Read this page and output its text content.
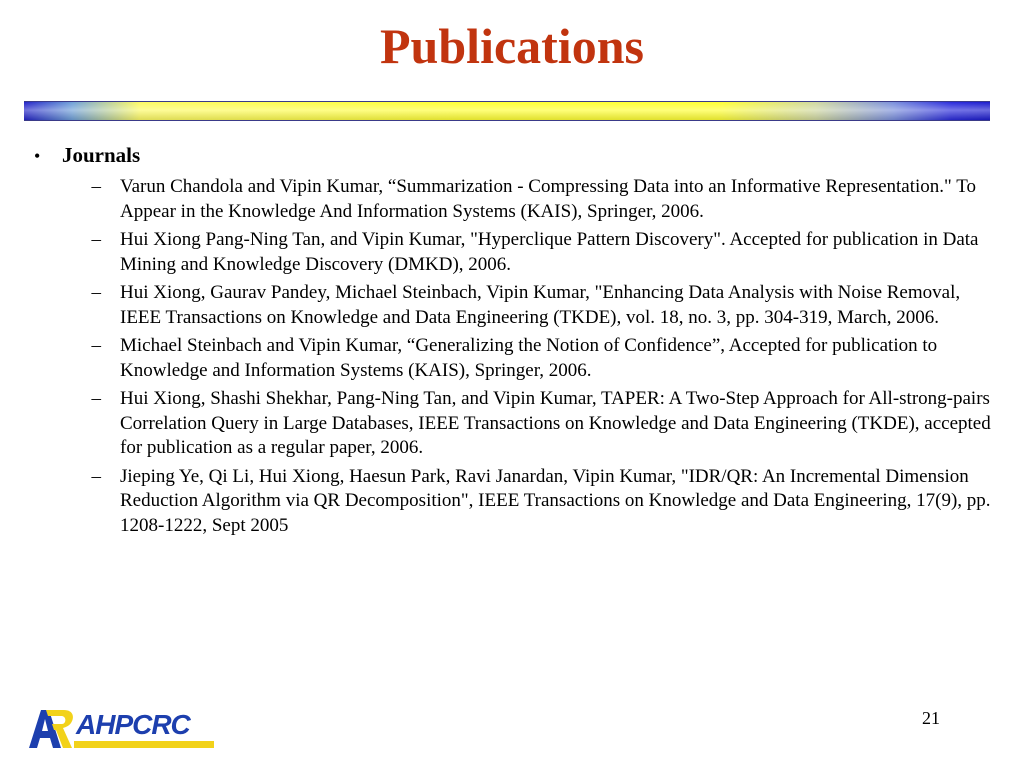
Publications
•	Journals
– Varun Chandola and Vipin Kumar, “Summarization - Compressing Data into an Informative Representation." To Appear in the Knowledge And Information Systems (KAIS), Springer, 2006.
– Hui Xiong Pang-Ning Tan, and Vipin Kumar, "Hyperclique Pattern Discovery". Accepted for publication in Data Mining and Knowledge Discovery (DMKD), 2006.
– Hui Xiong, Gaurav Pandey, Michael Steinbach, Vipin Kumar, "Enhancing Data Analysis with Noise Removal, IEEE Transactions on Knowledge and Data Engineering (TKDE), vol. 18, no. 3, pp. 304-319, March, 2006.
– Michael Steinbach and Vipin Kumar, “Generalizing the Notion of Confidence”, Accepted for publication to Knowledge and Information Systems (KAIS), Springer, 2006.
– Hui Xiong, Shashi Shekhar, Pang-Ning Tan, and Vipin Kumar, TAPER: A Two-Step Approach for All-strong-pairs Correlation Query in Large Databases, IEEE Transactions on Knowledge and Data Engineering (TKDE), accepted for publication as a regular paper, 2006.
– Jieping Ye, Qi Li, Hui Xiong, Haesun Park, Ravi Janardan, Vipin Kumar, "IDR/QR: An Incremental Dimension Reduction Algorithm via QR Decomposition", IEEE Transactions on Knowledge and Data Engineering, 17(9), pp. 1208-1222, Sept 2005
AHPCRC	21
